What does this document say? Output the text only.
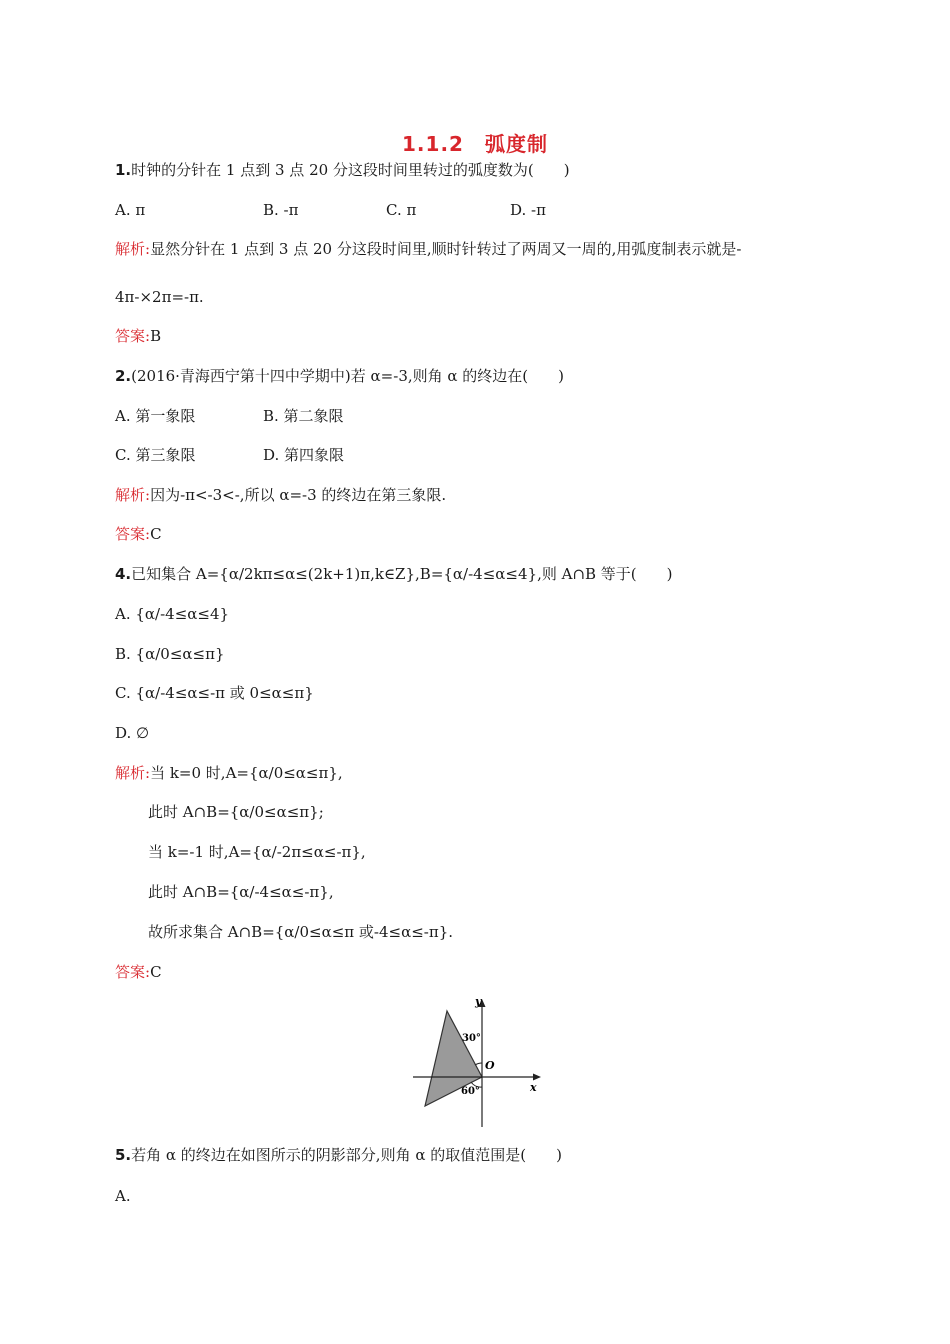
1.1.2　弧度制
1.时钟的分针在 1 点到 3 点 20 分这段时间里转过的弧度数为(　　)
A. π	B. -π	C. π	D. -π
解析:显然分针在 1 点到 3 点 20 分这段时间里,顺时针转过了两周又一周的,用弧度制表示就是-
4π-×2π=-π.
答案:B
2.(2016·青海西宁第十四中学期中)若 α=-3,则角 α 的终边在(　　)
A. 第一象限	B. 第二象限
C. 第三象限	D. 第四象限
解析:因为-π<-3<-,所以 α=-3 的终边在第三象限.
答案:C
4.已知集合 A={α/2kπ≤α≤(2k+1)π,k∈Z},B={α/-4≤α≤4},则 A∩B 等于(　　)
A. {α/-4≤α≤4}
B. {α/0≤α≤π}
C. {α/-4≤α≤-π 或 0≤α≤π}
D. ∅
解析:当 k=0 时,A={α/0≤α≤π},
此时 A∩B={α/0≤α≤π};
当 k=-1 时,A={α/-2π≤α≤-π},
此时 A∩B={α/-4≤α≤-π},
故所求集合 A∩B={α/0≤α≤π 或-4≤α≤-π}.
答案:C
y
x
O
30°
60°
5.若角 α 的终边在如图所示的阴影部分,则角 α 的取值范围是(　　)
A.
